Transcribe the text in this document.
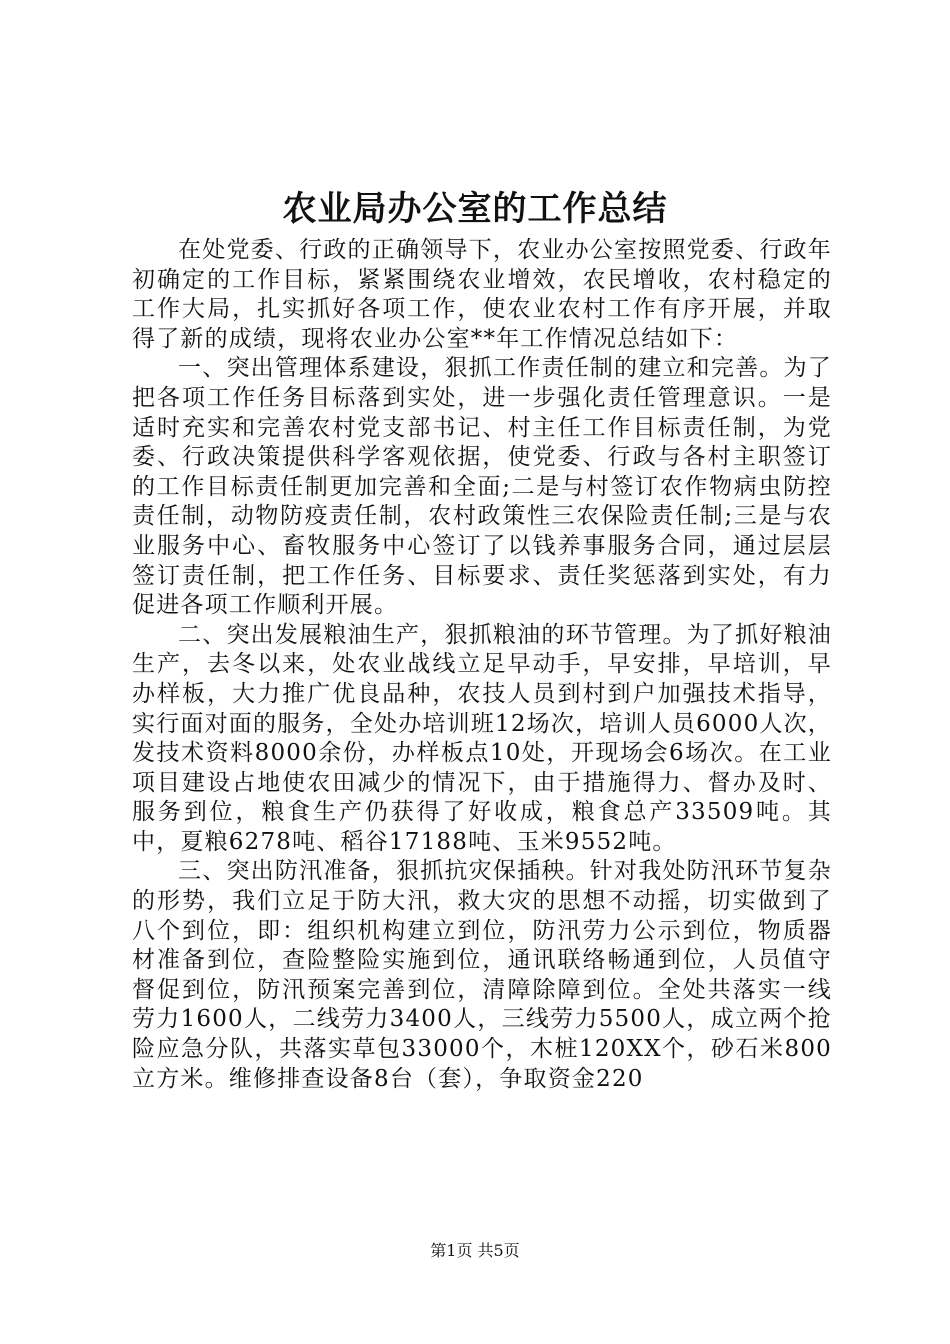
农业局办公室的工作总结

在处党委、行政的正确领导下，农业办公室按照党委、行政年初确定的工作目标，紧紧围绕农业增效，农民增收，农村稳定的工作大局，扎实抓好各项工作，使农业农村工作有序开展，并取得了新的成绩，现将农业办公室**年工作情况总结如下：

一、突出管理体系建设，狠抓工作责任制的建立和完善。为了把各项工作任务目标落到实处，进一步强化责任管理意识。一是适时充实和完善农村党支部书记、村主任工作目标责任制，为党委、行政决策提供科学客观依据，使党委、行政与各村主职签订的工作目标责任制更加完善和全面;二是与村签订农作物病虫防控责任制，动物防疫责任制，农村政策性三农保险责任制;三是与农业服务中心、畜牧服务中心签订了以钱养事服务合同，通过层层签订责任制，把工作任务、目标要求、责任奖惩落到实处，有力促进各项工作顺利开展。

二、突出发展粮油生产，狠抓粮油的环节管理。为了抓好粮油生产，去冬以来，处农业战线立足早动手，早安排，早培训，早办样板，大力推广优良品种，农技人员到村到户加强技术指导，实行面对面的服务，全处办培训班12场次，培训人员6000人次，发技术资料8000余份，办样板点10处，开现场会6场次。在工业项目建设占地使农田减少的情况下，由于措施得力、督办及时、服务到位，粮食生产仍获得了好收成，粮食总产33509吨。其中，夏粮6278吨、稻谷17188吨、玉米9552吨。

三、突出防汛准备，狠抓抗灾保插秧。针对我处防汛环节复杂的形势，我们立足于防大汛，救大灾的思想不动摇，切实做到了八个到位，即：组织机构建立到位，防汛劳力公示到位，物质器材准备到位，查险整险实施到位，通讯联络畅通到位，人员值守督促到位，防汛预案完善到位，清障除障到位。全处共落实一线劳力1600人，二线劳力3400人，三线劳力5500人，成立两个抢险应急分队，共落实草包33000个，木桩120XX个，砂石米800立方米。维修排查设备8台（套），争取资金220

第1页 共5页
